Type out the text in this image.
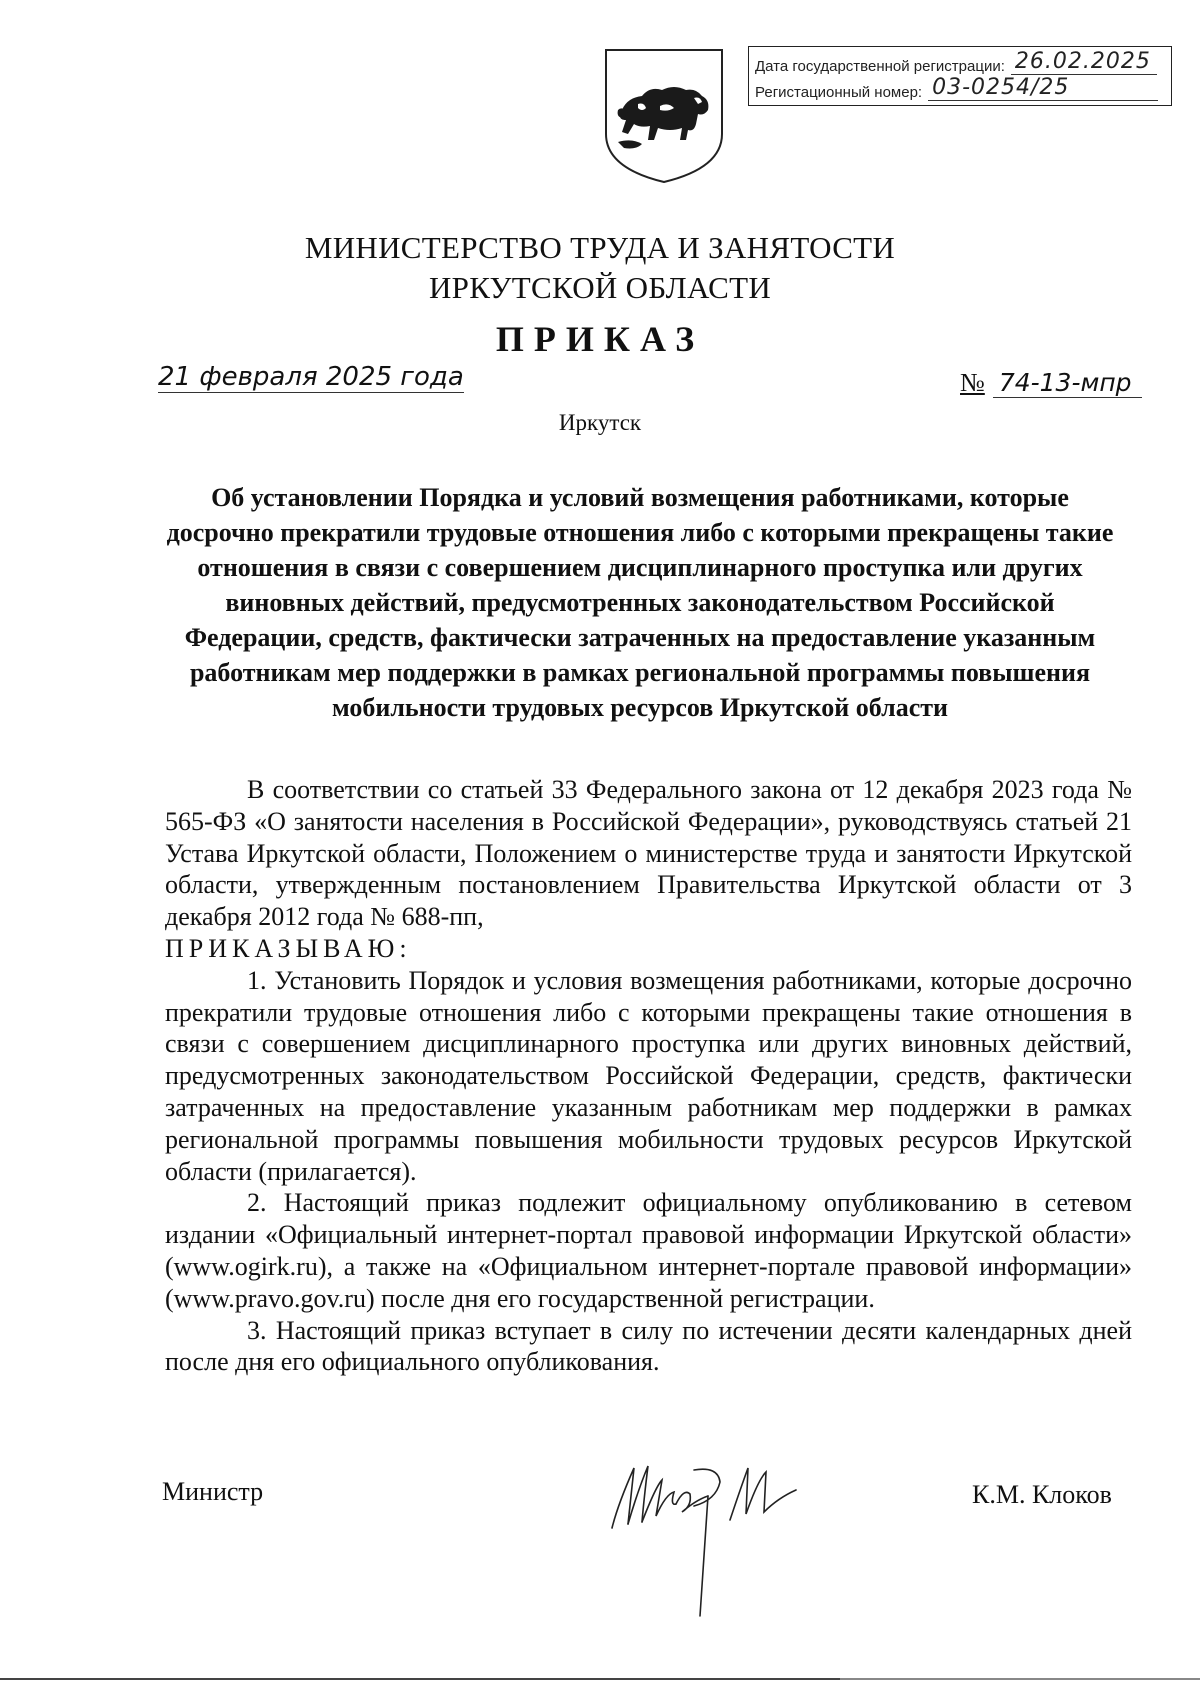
Дата государственной регистрации: 26.02.2025
Регистационный номер: 03-0254/25
МИНИСТЕРСТВО ТРУДА И ЗАНЯТОСТИ
ИРКУТСКОЙ ОБЛАСТИ
ПРИКАЗ
21 февраля 2025 года	№ 74-13-мпр
Иркутск
Об установлении Порядка и условий возмещения работниками, которые досрочно прекратили трудовые отношения либо с которыми прекращены такие отношения в связи с совершением дисциплинарного проступка или других виновных действий, предусмотренных законодательством Российской Федерации, средств, фактически затраченных на предоставление указанным работникам мер поддержки в рамках региональной программы повышения мобильности трудовых ресурсов Иркутской области

В соответствии со статьей 33 Федерального закона от 12 декабря 2023 года № 565-ФЗ «О занятости населения в Российской Федерации», руководствуясь статьей 21 Устава Иркутской области, Положением о министерстве труда и занятости Иркутской области, утвержденным постановлением Правительства Иркутской области от 3 декабря 2012 года № 688-пп,

ПРИКАЗЫВАЮ:

1. Установить Порядок и условия возмещения работниками, которые досрочно прекратили трудовые отношения либо с которыми прекращены такие отношения в связи с совершением дисциплинарного проступка или других виновных действий, предусмотренных законодательством Российской Федерации, средств, фактически затраченных на предоставление указанным работникам мер поддержки в рамках региональной программы повышения мобильности трудовых ресурсов Иркутской области (прилагается).

2. Настоящий приказ подлежит официальному опубликованию в сетевом издании «Официальный интернет-портал правовой информации Иркутской области» (www.ogirk.ru), а также на «Официальном интернет-портале правовой информации» (www.pravo.gov.ru) после дня его государственной регистрации.

3. Настоящий приказ вступает в силу по истечении десяти календарных дней после дня его официального опубликования.

Министр	К.М. Клоков
